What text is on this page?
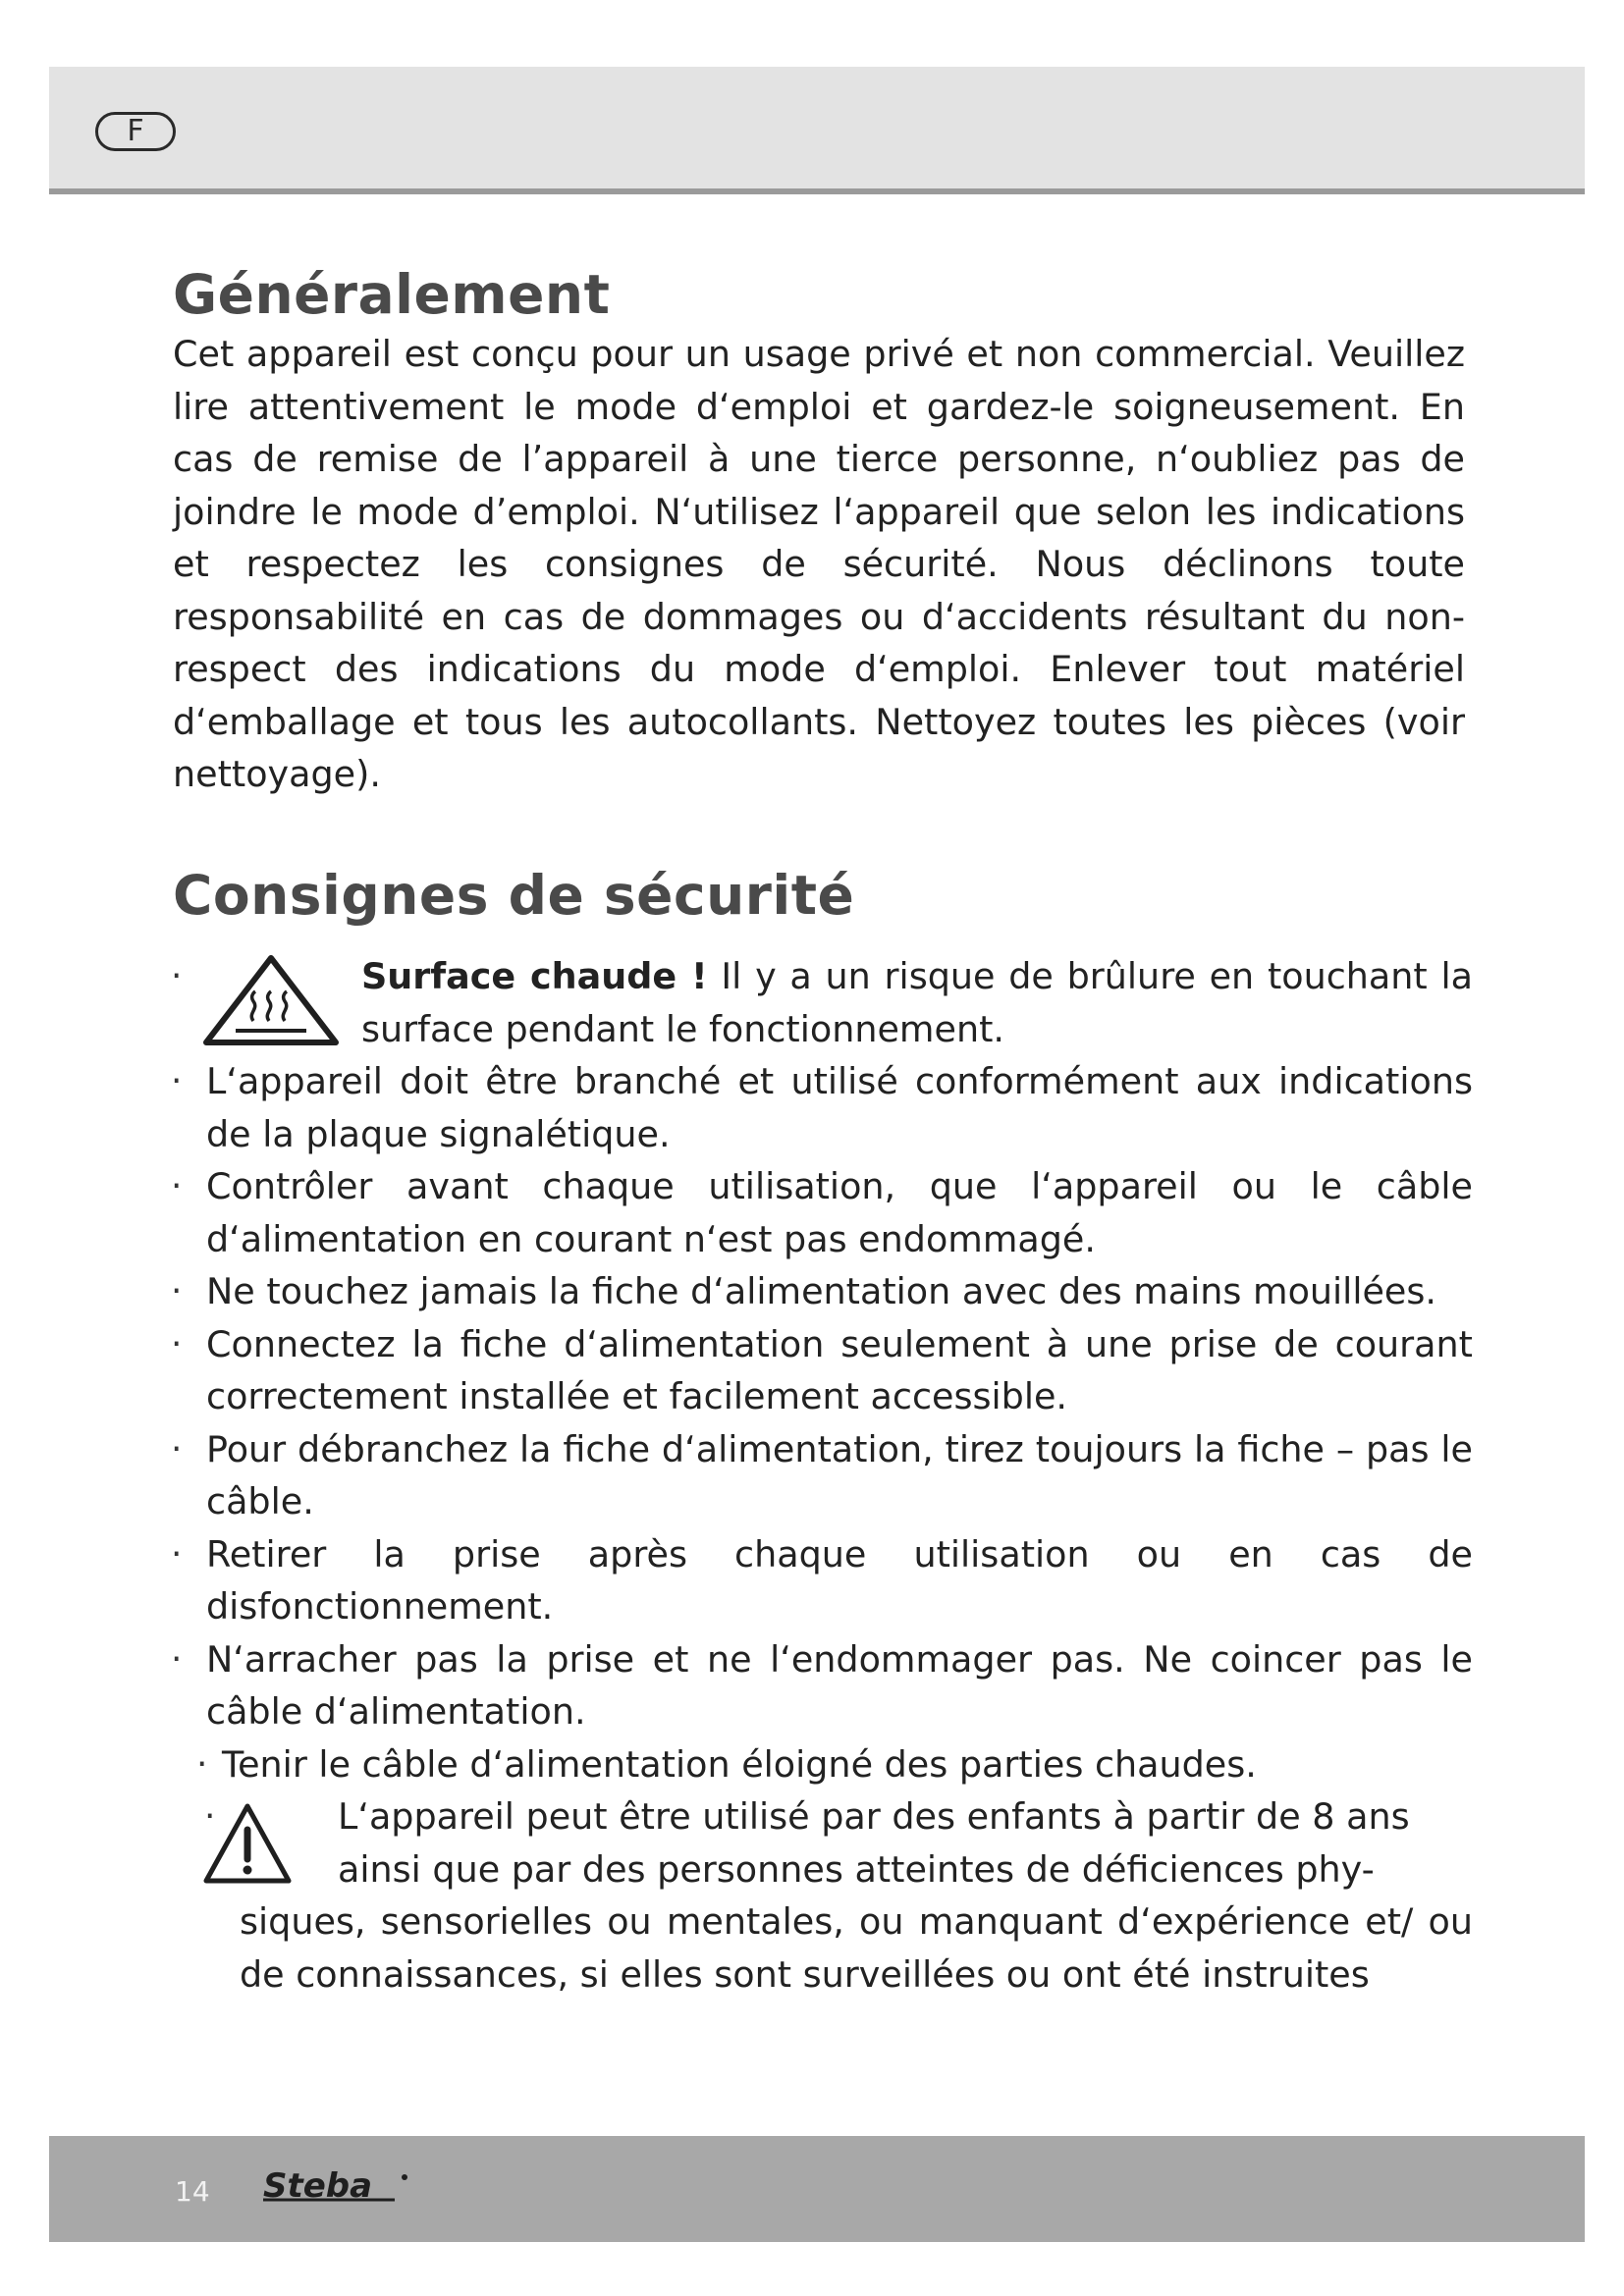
F
Généralement

Cet appareil est conçu pour un usage privé et non commercial. Veuillez lire attentivement le mode d‘emploi et gardez-le soigneusement. En cas de remise de l’appareil à une tierce personne, n‘oubliez pas de joindre le mode d’emploi. N‘utilisez l‘appareil que selon les indications et respectez les consignes de sécurité. Nous déclinons toute responsabilité en cas de dommages ou d‘accidents résultant du non-respect des indications du mode d‘emploi. Enlever tout matériel d‘emballage et tous les autocollants. Nettoyez toutes les pièces (voir nettoyage).

Consignes de sécurité
·	Surface chaude ! Il y a un risque de brûlure en touchant la surface pendant le fonctionnement.
· L‘appareil doit être branché et utilisé conformément aux indications de la plaque signalétique.
· Contrôler avant chaque utilisation, que l‘appareil ou le câble d‘alimentation en courant n‘est pas endommagé.
· Ne touchez jamais la fiche d‘alimentation avec des mains mouillées.
· Connectez la fiche d‘alimentation seulement à une prise de courant correctement installée et facilement accessible.
· Pour débranchez la fiche d‘alimentation, tirez toujours la fiche – pas le câble.
· Retirer la prise après chaque utilisation ou en cas de disfonctionnement.
· N‘arracher pas la prise et ne l‘endommager pas. Ne coincer pas le câble d‘alimentation.
· Tenir le câble d‘alimentation éloigné des parties chaudes.
·	L‘appareil peut être utilisé par des enfants à partir de 8 ans
ainsi que par des personnes atteintes de déficiences phy-
siques, sensorielles ou mentales, ou manquant d‘expérience et/ ou de connaissances, si elles sont surveillées ou ont été instruites
14 Steba
